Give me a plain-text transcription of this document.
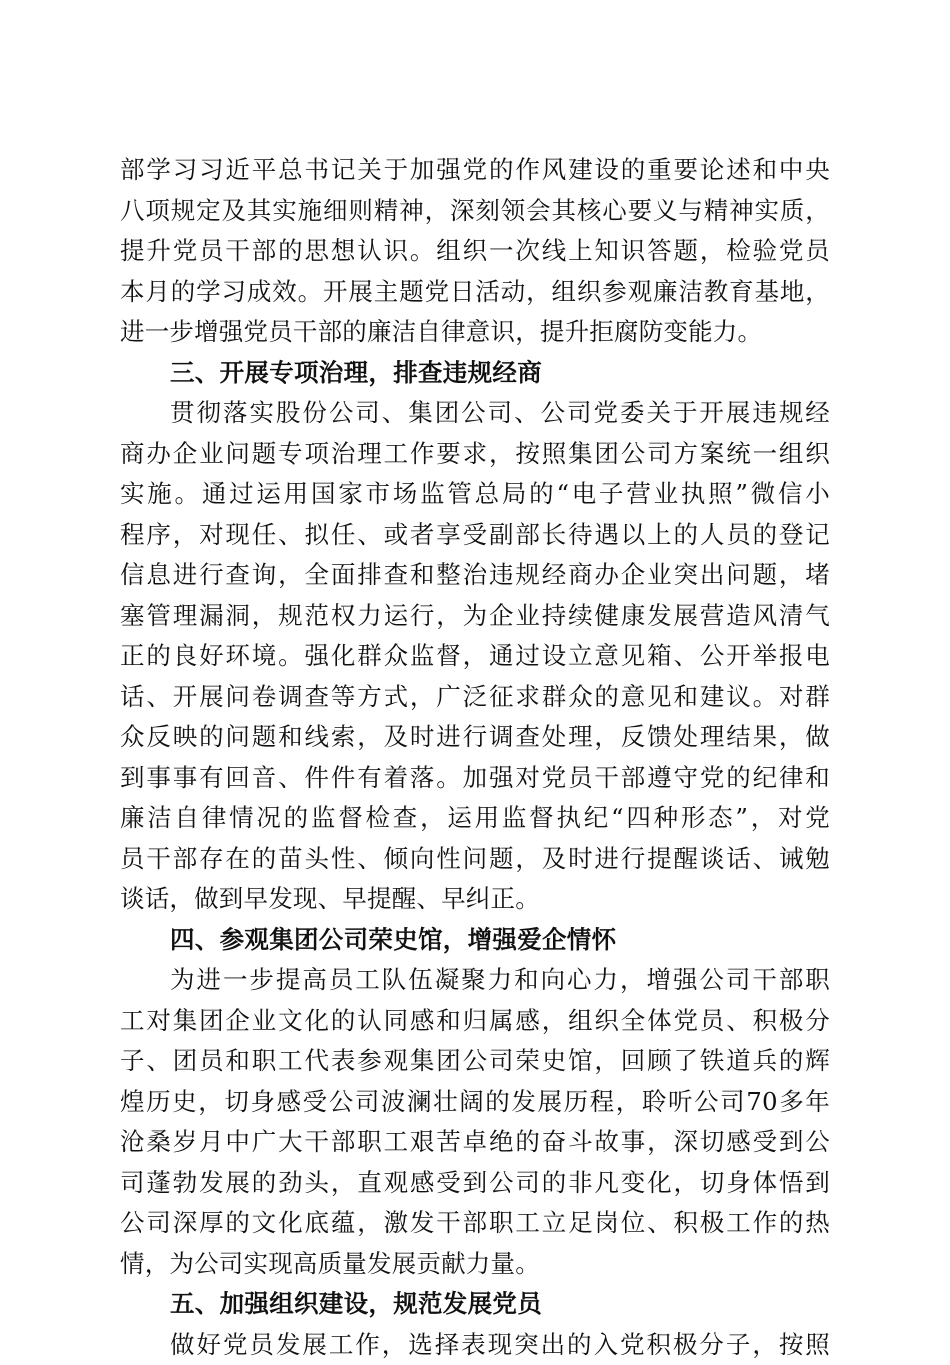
部学习习近平总书记关于加强党的作风建设的重要论述和中央
八项规定及其实施细则精神，深刻领会其核心要义与精神实质，
提升党员干部的思想认识。组织一次线上知识答题，检验党员
本月的学习成效。开展主题党日活动，组织参观廉洁教育基地，
进一步增强党员干部的廉洁自律意识，提升拒腐防变能力。
三、开展专项治理，排查违规经商
贯彻落实股份公司、集团公司、公司党委关于开展违规经
商办企业问题专项治理工作要求，按照集团公司方案统一组织
实施。通过运用国家市场监管总局的“电子营业执照”微信小
程序，对现任、拟任、或者享受副部长待遇以上的人员的登记
信息进行查询，全面排查和整治违规经商办企业突出问题，堵
塞管理漏洞，规范权力运行，为企业持续健康发展营造风清气
正的良好环境。强化群众监督，通过设立意见箱、公开举报电
话、开展问卷调查等方式，广泛征求群众的意见和建议。对群
众反映的问题和线索，及时进行调查处理，反馈处理结果，做
到事事有回音、件件有着落。加强对党员干部遵守党的纪律和
廉洁自律情况的监督检查，运用监督执纪“四种形态”，对党
员干部存在的苗头性、倾向性问题，及时进行提醒谈话、诫勉
谈话，做到早发现、早提醒、早纠正。
四、参观集团公司荣史馆，增强爱企情怀
为进一步提高员工队伍凝聚力和向心力，增强公司干部职
工对集团企业文化的认同感和归属感，组织全体党员、积极分
子、团员和职工代表参观集团公司荣史馆，回顾了铁道兵的辉
煌历史，切身感受公司波澜壮阔的发展历程，聆听公司70多年
沧桑岁月中广大干部职工艰苦卓绝的奋斗故事，深切感受到公
司蓬勃发展的劲头，直观感受到公司的非凡变化，切身体悟到
公司深厚的文化底蕴，激发干部职工立足岗位、积极工作的热
情，为公司实现高质量发展贡献力量。
五、加强组织建设，规范发展党员
做好党员发展工作，选择表现突出的入党积极分子，按照
